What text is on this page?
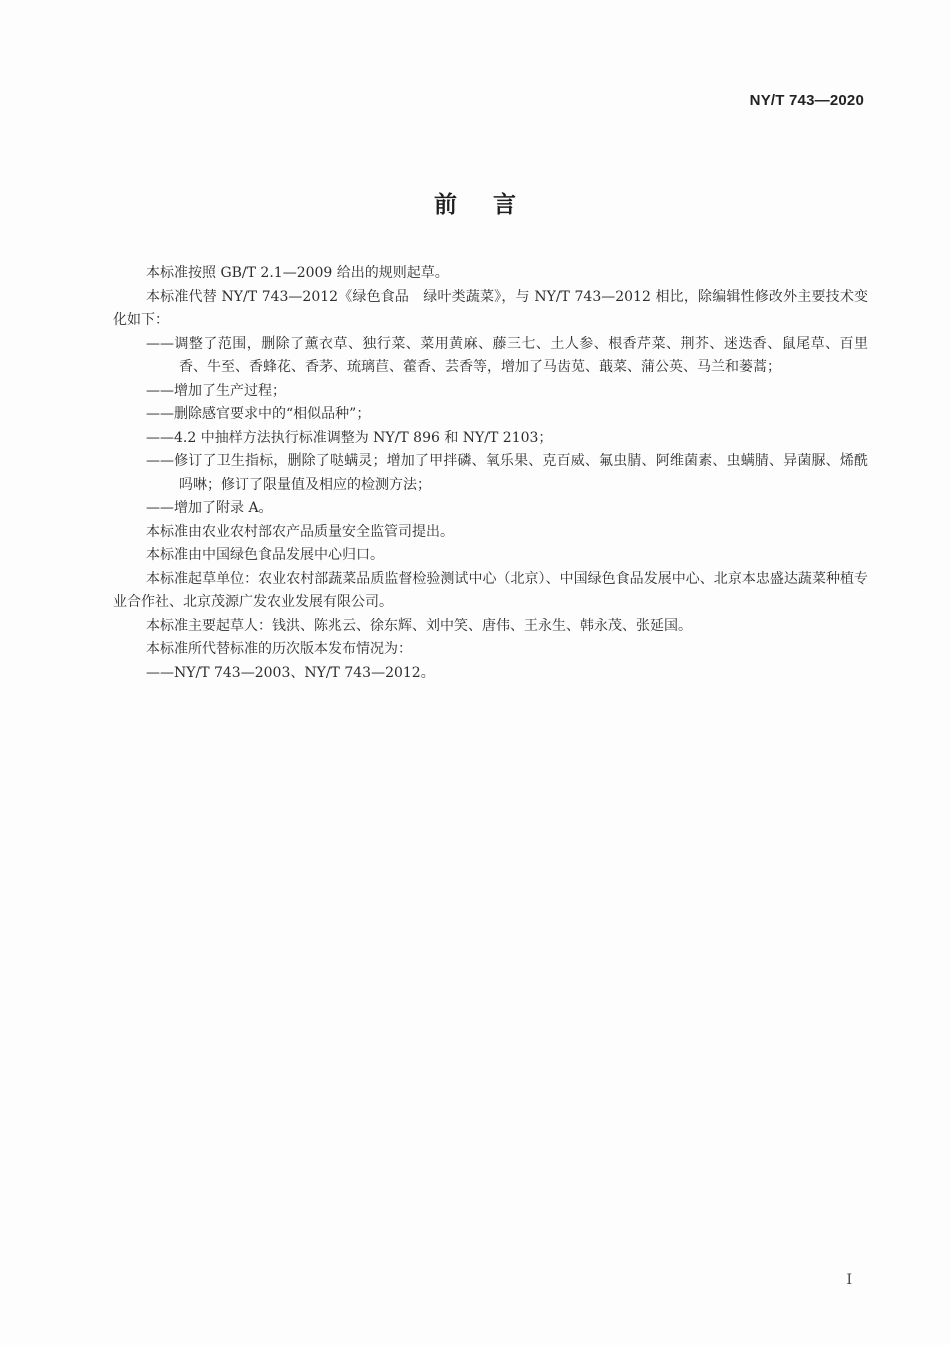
NY/T 743—2020
前言

本标准按照 GB/T 2.1—2009 给出的规则起草。

本标准代替 NY/T 743—2012《绿色食品　绿叶类蔬菜》，与 NY/T 743—2012 相比，除编辑性修改外主要技术变化如下：

——调整了范围，删除了薰衣草、独行菜、菜用黄麻、藤三七、土人参、根香芹菜、荆芥、迷迭香、鼠尾草、百里香、牛至、香蜂花、香茅、琉璃苣、藿香、芸香等，增加了马齿苋、蕺菜、蒲公英、马兰和蒌蒿；

——增加了生产过程；

——删除感官要求中的“相似品种”；

——4.2 中抽样方法执行标准调整为 NY/T 896 和 NY/T 2103；

——修订了卫生指标，删除了哒螨灵；增加了甲拌磷、氧乐果、克百威、氟虫腈、阿维菌素、虫螨腈、异菌脲、烯酰吗啉；修订了限量值及相应的检测方法；

——增加了附录 A。

本标准由农业农村部农产品质量安全监管司提出。

本标准由中国绿色食品发展中心归口。

本标准起草单位：农业农村部蔬菜品质监督检验测试中心（北京）、中国绿色食品发展中心、北京本忠盛达蔬菜种植专业合作社、北京茂源广发农业发展有限公司。

本标准主要起草人：钱洪、陈兆云、徐东辉、刘中笑、唐伟、王永生、韩永茂、张延国。

本标准所代替标准的历次版本发布情况为：

——NY/T 743—2003、NY/T 743—2012。

I
